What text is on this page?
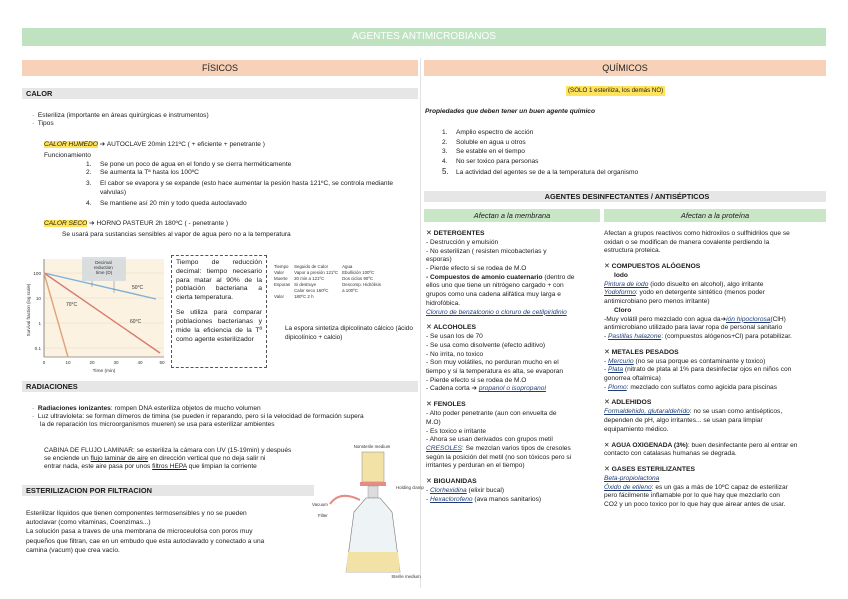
AGENTES ANTIMICROBIANOS
FÍSICOS	QUÍMICOS
CALOR
·  Esteriliza (importante en áreas quirúrgicas e instrumentos)
·  Tipos
CALOR HUMEDO ➔ AUTOCLAVE 20min 121ºC ( + eficiente + penetrante )
Funcionamiento
1. Se pone un poco de agua en el fondo y se cierra herméticamente
2. Se aumenta la Tª hasta los 100ºC
3. El cabor se evapora y se expande (esto hace aumentar la pesión hasta 121ºC, se controla mediante
valvulas)
4. Se mantiene así 20 min y todo queda autoclavado
CALOR SECO ➔ HORNO PASTEUR 2h 180ºC ( - penetrante )
Se usará para sustancias sensibles al vapor de agua pero no a la temperatura
Decimal reduction time (D)
70°C
50°C
60°C
100
10
1
0.1
0	10	20	30	40	50
Time (min)
Survival fraction (log scale)

Tiempo de reducción decimal: tiempo necesario para matar al 90% de la población bacteriana a cierta temperatura.

Se utiliza para comparar poblaciones bacterianas y mide la eficiencia de la Tª como agente esterilizador

Tiempo	Seguido de Calor	Agua
Valor	Vapor a presión 121ºC	Ebullición 100ºC
Muerte	20 min a 121ºC	Dos ciclos 90ºC
Esporas	Si destruye	Descomp. Hidrólisis
	Calor seco 160ºC	a 100ºC
Valor	180ºC 2 h	
La espora sintetiza dipicolinato cálcico (ácido dipicolínico + calcio)
RADIACIONES
·  Radiaciones ionizantes: rompen DNA esteriliza objetos de mucho volumen
·  Luz ultravioleta: se forman dímeros de timina (se pueden ir reparando, pero si la velocidad de formación supera
la de reparación los microorganismos mueren) se usa para esterilizar ambientes
CABINA DE FLUJO LAMINAR: se esteriliza la cámara con UV (15-19min) y después
se enciende un flujo laminar de aire en dirección vertical que no deja salir ni
entrar nada, este aire pasa por unos filtros HEPA que limpian la corriente
ESTERILIZACION POR FILTRACION
Esterilizar líquidos que tienen componentes termosensibles y no se pueden
autoclavar (como vitaminas, Coenzimas...)
La solución pasa a traves de una membrana de microceulolsa con poros muy
pequeños que filtran, cae en un embudo que esta autoclavado y conectado a una
camina (vacum) que crea vacío.
Nonsterile medium
Holding clamp
Vacuum
Filter
Sterile medium
(SOLO 1 esteriliza, los demás NO)
Propiedades que deben tener un buen agente químico
1. Amplio espectro de acción
2. Soluble en agua u otros
3. Se estable en el tiempo
4. No ser toxico para personas
5. La actividad del agentes se de a la temperatura del organismo
AGENTES DESINFECTANTES / ANTISÉPTICOS
Afectan a la membrana	Afectan a la proteína
✕ DETERGENTES
- Destrucción y emulsión
- No esterilizan ( resisten micobacterias y
esporas)
- Pierde efecto si se rodea de M.O
- Compuestos de amonio cuaternario (dentro de
ellos uno que tiene un nitrógeno cargado + con
grupos como una cadena alifática muy larga e
hidrofóbica.
Cloruro de benzalconio o cloruro de cetilpiridinio
✕ ALCOHOLES
- Se usan los de 70
- Se usa como disolvente (efecto aditivo)
- No irrita, no toxico
- Son muy volátiles, no perduran mucho en el
tiempo y si la temperatura es alta, se evaporan
- Pierde efecto si se rodea de M.O
- Cadena corta ➔ propanol o isopropanol
✕ FENOLES
- Alto poder penetrante (aun con envuelta de
M.O)
- Es toxico e irritante
- Ahora se usan derivados con grupos metil
CRESOLES: Se mezclan varios tipos de cresoles
según la posición del metil (no son tóxicos pero si
irritantes y perduran en el tiempo)
✕ BIGUANIDAS
- Clorhexidina (elixir bucal)
- Hexaclorofeno (ava manos sanitarios)
Afectan a grupos reactivos como hidroxilos o sulfhidrilos que se
oxidan o se modifican de manera covalente perdiendo la
estructura proteica.
✕ COMPUESTOS ALÓGENOS
Iodo
Pintura de iodo (iodo disuelto en alcohol), algo irritante
Yodoformo: yodo en detergente sintético (menos poder
antimicrobiano pero menos irritante)
Cloro
-Muy volátil pero mezclado con agua da➔ión hipoclorosa(ClH)
antimicrobiano utilizado para lavar ropa de personal sanitario
- Pastillas halazone: (compuestos alógenos+Cl) para potabilizar.
✕ METALES PESADOS
- Mercurio (no se usa porque es contaminante y toxico)
- Plata (nitrato de plata al 1% para desinfectar ojos en niños con
gonorrea oftalmica)
- Plomo: mezclado con sulfatos como agicida para piscinas
✕ ADLEHIDOS
Formaldehido, glutaraldehído: no se usan como antisépticos,
dependen de pH, algo irritantes... se usan para limpiar
equipamiento médico.
✕ AGUA OXIGENADA (3%): buen desinfectante pero al entrar en
contacto con catalasas humanas se degrada.
✕ GASES ESTERILIZANTES
Beta-propiolactona
Óxido de etileno: es un gas a más de 10ºC capaz de esterilizar
pero fácilmente inflamable por lo que hay que mezclarlo con
CO2 y un poco toxico por lo que hay que airear antes de usar.
